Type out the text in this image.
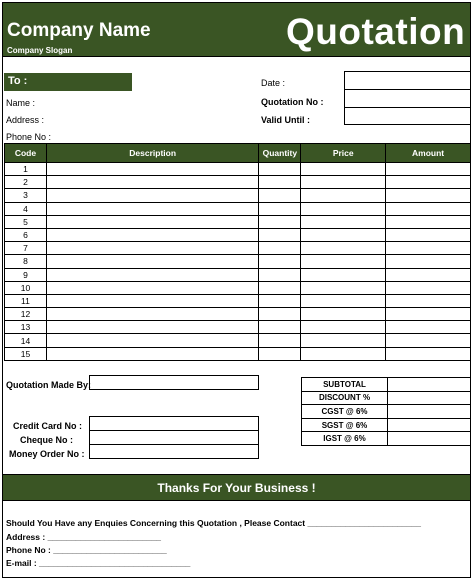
Company Name
Company Slogan	Quotation
To :
Name :
Address :
Phone No :
Date :
Quotation No :
Valid Until :
Code	Description	Quantity	Price	Amount
1				
2				
3				
4				
5				
6				
7				
8				
9				
10				
11				
12				
13				
14				
15				
Quotation Made By:
Credit Card No :
Cheque No :
Money Order No :
SUBTOTAL	
DISCOUNT %	
CGST @ 6%	
SGST @ 6%	
IGST @ 6%	
Thanks For Your Business !
Should You Have any Enquies Concerning this Quotation , Please Contact ________________________
Address : ________________________
Phone No : ________________________
E-mail : ________________________________
